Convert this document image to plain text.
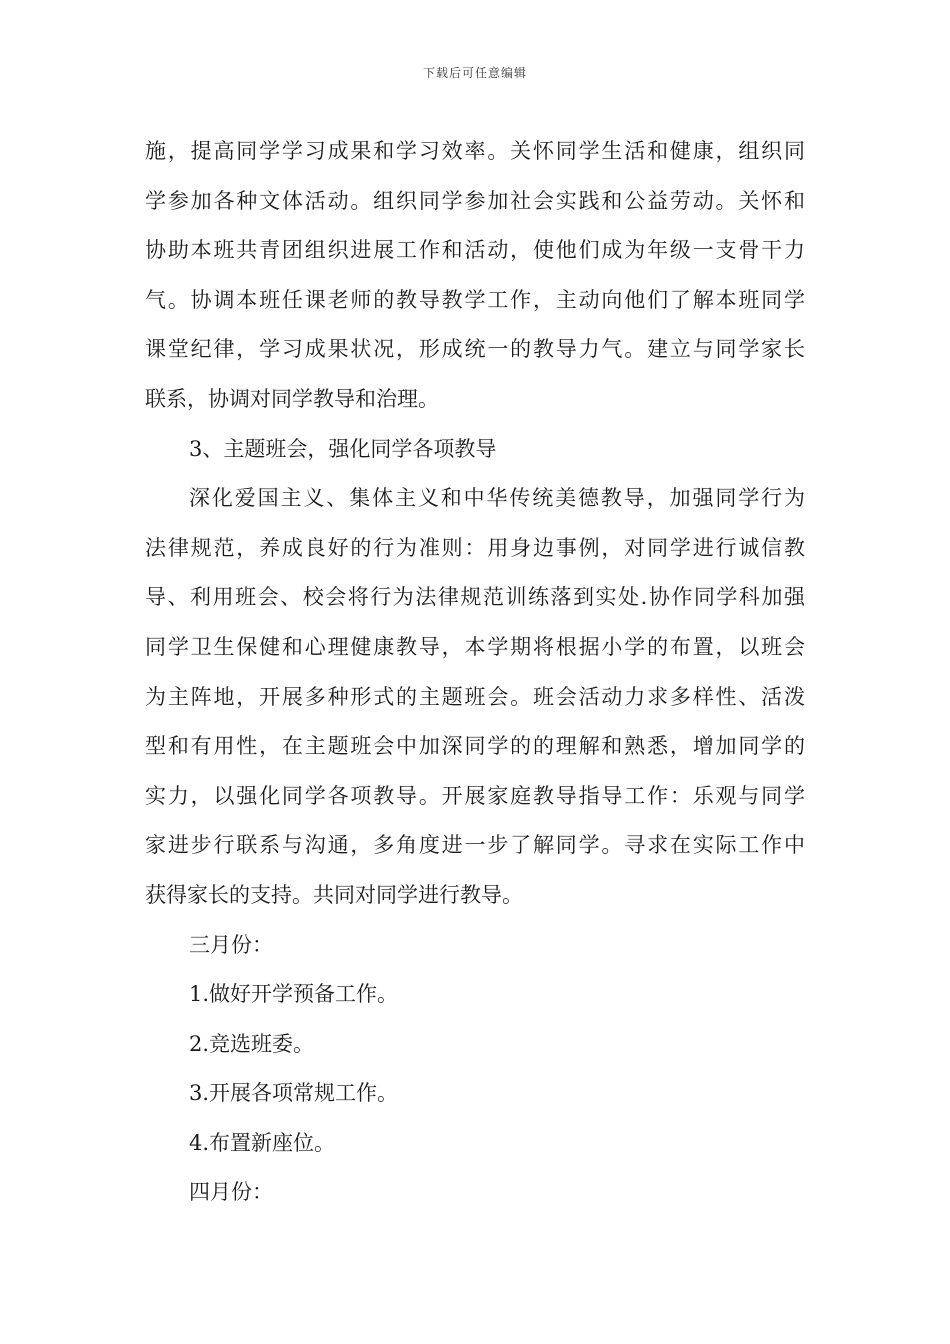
下载后可任意编辑
施，提高同学学习成果和学习效率。关怀同学生活和健康，组织同
学参加各种文体活动。组织同学参加社会实践和公益劳动。关怀和
协助本班共青团组织进展工作和活动，使他们成为年级一支骨干力
气。协调本班任课老师的教导教学工作，主动向他们了解本班同学
课堂纪律，学习成果状况，形成统一的教导力气。建立与同学家长
联系，协调对同学教导和治理。
3、主题班会，强化同学各项教导
深化爱国主义、集体主义和中华传统美德教导，加强同学行为
法律规范，养成良好的行为准则：用身边事例，对同学进行诚信教
导、利用班会、校会将行为法律规范训练落到实处.协作同学科加强
同学卫生保健和心理健康教导，本学期将根据小学的布置，以班会
为主阵地，开展多种形式的主题班会。班会活动力求多样性、活泼
型和有用性，在主题班会中加深同学的的理解和熟悉，增加同学的
实力，以强化同学各项教导。开展家庭教导指导工作：乐观与同学
家进步行联系与沟通，多角度进一步了解同学。寻求在实际工作中
获得家长的支持。共同对同学进行教导。
三月份：
1.做好开学预备工作。
2.竞选班委。
3.开展各项常规工作。
4.布置新座位。
四月份：
